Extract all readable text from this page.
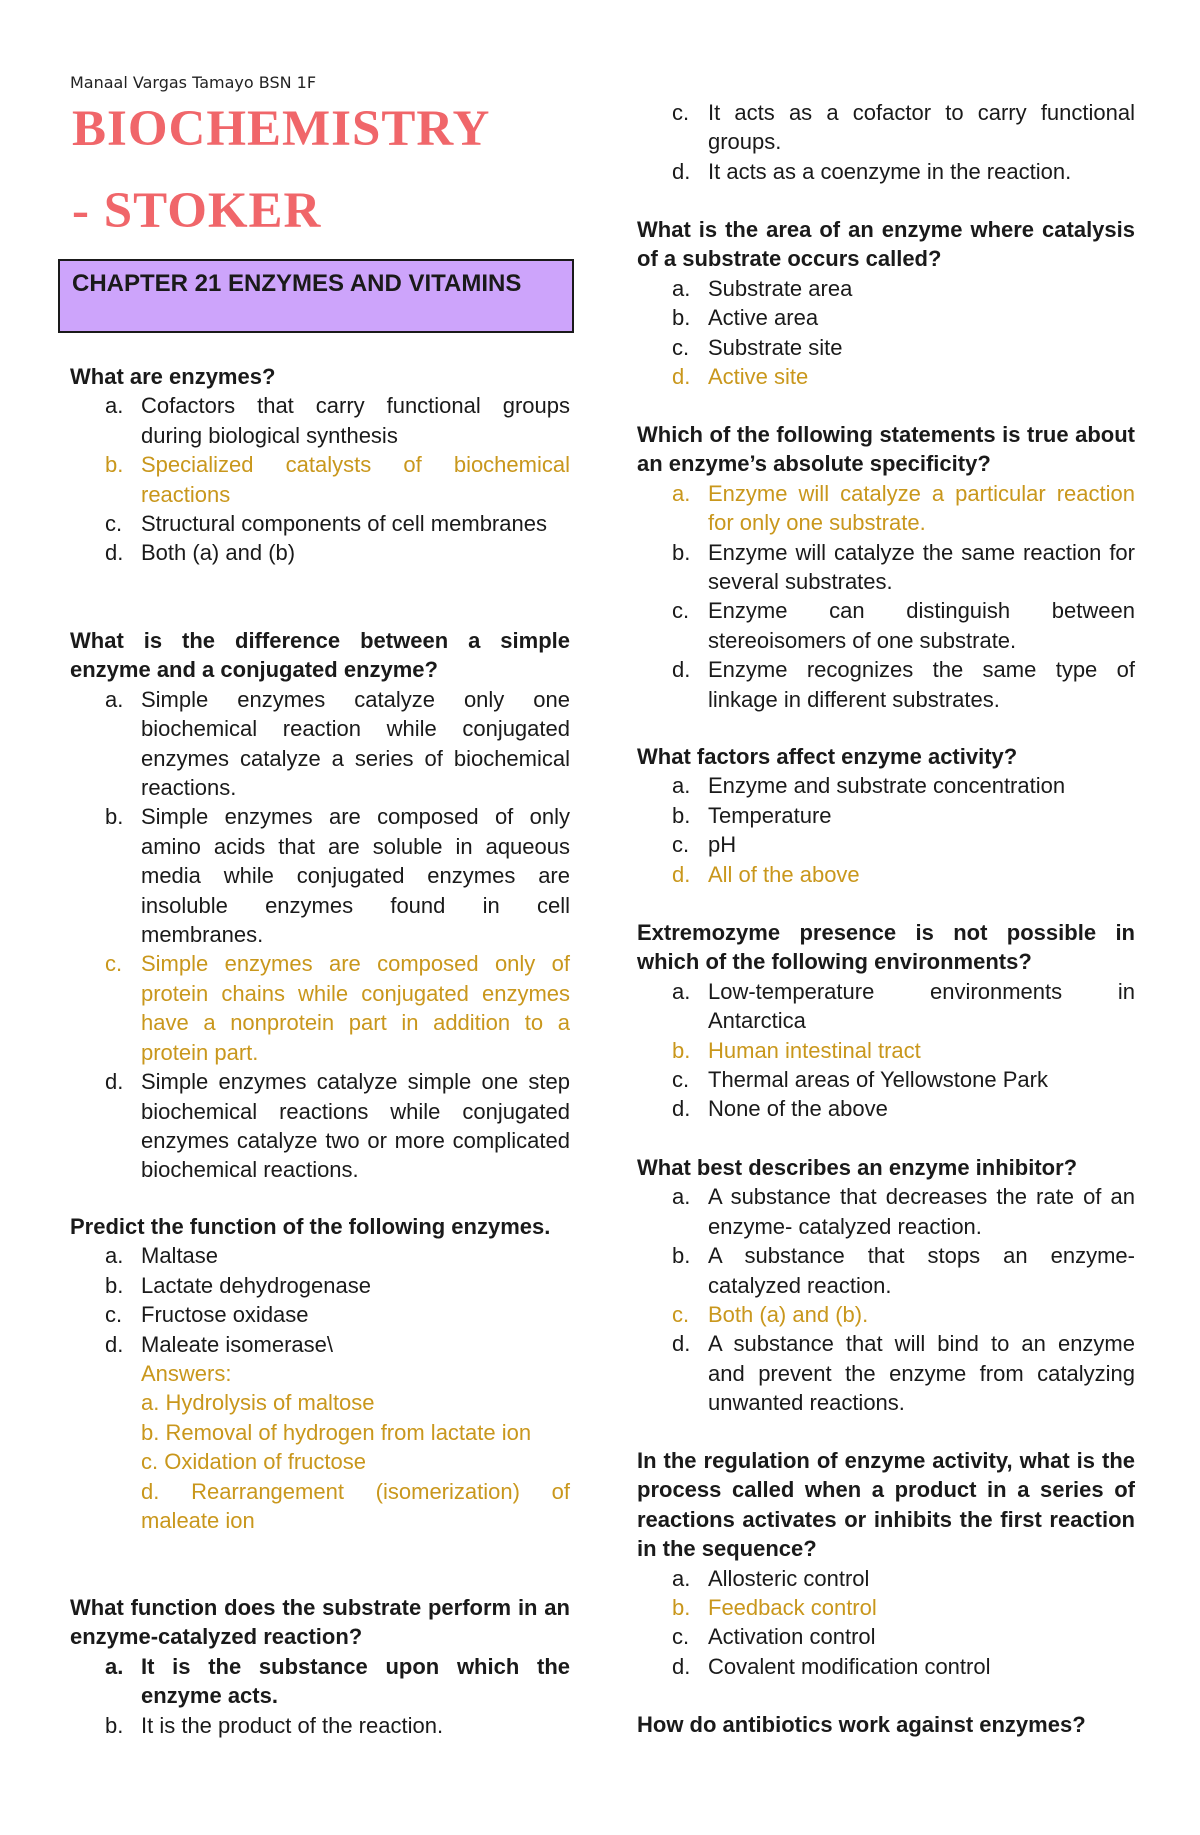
Manaal Vargas Tamayo BSN 1F
BIOCHEMISTRY
- STOKER
CHAPTER 21 ENZYMES AND VITAMINS

What are enzymes?

a. Cofactors that carry functional groups during biological synthesis
b. Specialized catalysts of biochemical reactions
c. Structural components of cell membranes
d. Both (a) and (b)

What is the difference between a simple enzyme and a conjugated enzyme?

a. Simple enzymes catalyze only one biochemical reaction while conjugated enzymes catalyze a series of biochemical reactions.
b. Simple enzymes are composed of only amino acids that are soluble in aqueous media while conjugated enzymes are insoluble enzymes found in cell membranes.
c. Simple enzymes are composed only of protein chains while conjugated enzymes have a nonprotein part in addition to a protein part.
d. Simple enzymes catalyze simple one step biochemical reactions while conjugated enzymes catalyze two or more complicated biochemical reactions.

Predict the function of the following enzymes.

a. Maltase
b. Lactate dehydrogenase
c. Fructose oxidase
d. Maleate isomerase\
Answers:
a. Hydrolysis of maltose
b. Removal of hydrogen from lactate ion
c. Oxidation of fructose
d. Rearrangement (isomerization) of maleate ion

What function does the substrate perform in an enzyme-catalyzed reaction?

a. It is the substance upon which the enzyme acts.
b. It is the product of the reaction.
c. It acts as a cofactor to carry functional groups.
d. It acts as a coenzyme in the reaction.

What is the area of an enzyme where catalysis of a substrate occurs called?

a. Substrate area
b. Active area
c. Substrate site
d. Active site

Which of the following statements is true about an enzyme’s absolute specificity?

a. Enzyme will catalyze a particular reaction for only one substrate.
b. Enzyme will catalyze the same reaction for several substrates.
c. Enzyme can distinguish between stereoisomers of one substrate.
d. Enzyme recognizes the same type of linkage in different substrates.

What factors affect enzyme activity?

a. Enzyme and substrate concentration
b. Temperature
c. pH
d. All of the above

Extremozyme presence is not possible in which of the following environments?

a. Low-temperature environments in Antarctica
b. Human intestinal tract
c. Thermal areas of Yellowstone Park
d. None of the above

What best describes an enzyme inhibitor?

a. A substance that decreases the rate of an enzyme- catalyzed reaction.
b. A substance that stops an enzyme-catalyzed reaction.
c. Both (a) and (b).
d. A substance that will bind to an enzyme and prevent the enzyme from catalyzing unwanted reactions.

In the regulation of enzyme activity, what is the process called when a product in a series of reactions activates or inhibits the first reaction in the sequence?

a. Allosteric control
b. Feedback control
c. Activation control
d. Covalent modification control

How do antibiotics work against enzymes?
